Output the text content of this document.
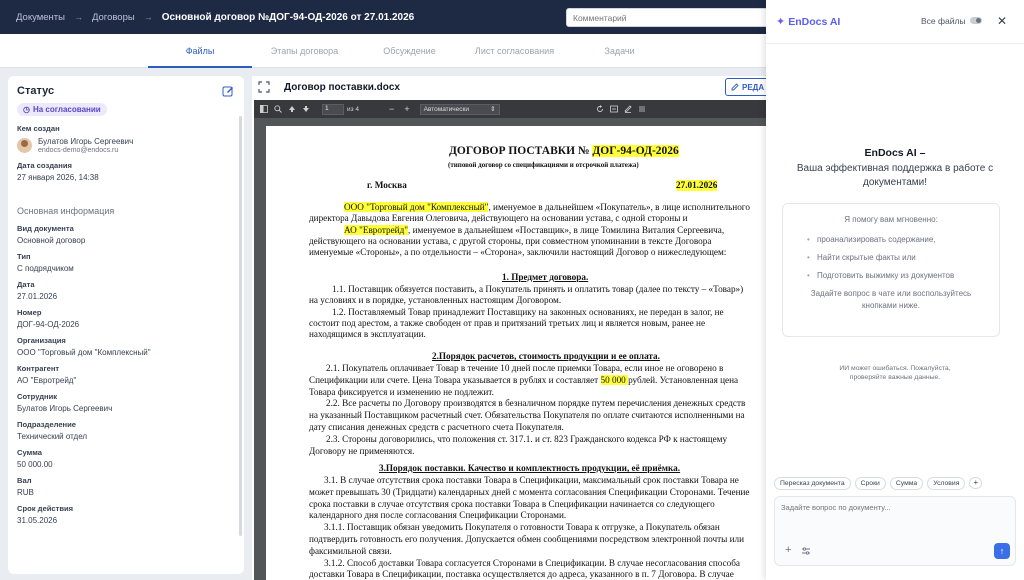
Документы → Договоры → Основной договор №ДОГ-94-ОД-2026 от 27.01.2026
Комментарий
Файлы	Этапы договора	Обсуждение	Лист согласования	Задачи
Статус
◷ На согласовании
Кем создан
Булатов Игорь Сергеевич
endocs-demo@endocs.ru
Дата создания
27 января 2026, 14:38
Основная информация
Вид документа
Основной договор
Тип
С подрядчиком
Дата
27.01.2026
Номер
ДОГ-94-ОД-2026
Организация
ООО "Торговый дом "Комплексный"
Контрагент
АО "Евротрейд"
Сотрудник
Булатов Игорь Сергеевич
Подразделение
Технический отдел
Сумма
50 000.00
Вал
RUB
Срок действия
31.05.2026
Договор поставки.docx	РЕДА
1	из 4	− +	Автоматически	⇕
ДОГОВОР ПОСТАВКИ № ДОГ-94-ОД-2026
(типовой договор со спецификациями и отсрочкой платежа)
г. Москва	27.01.2026
ООО "Торговый дом "Комплексный", именуемое в дальнейшем «Покупатель», в лице исполнительного
директора Давыдова Евгения Олеговича, действующего на основании устава, с одной стороны и
АО "Евротрейд", именуемое в дальнейшем «Поставщик», в лице Томилина Виталия Сергеевича,
действующего на основании устава, с другой стороны, при совместном упоминании в тексте Договора
именуемые «Стороны», а по отдельности – «Сторона», заключили настоящий Договор о нижеследующем:
1. Предмет договора.
1.1. Поставщик обязуется поставить, а Покупатель принять и оплатить товар (далее по тексту – «Товар»)
на условиях и в порядке, установленных настоящим Договором.
1.2. Поставляемый Товар принадлежит Поставщику на законных основаниях, не передан в залог, не
состоит под арестом, а также свободен от прав и притязаний третьих лиц и является новым, ранее не
находящимся в эксплуатации.
2.Порядок расчетов, стоимость продукции и ее оплата.
2.1. Покупатель оплачивает Товар в течение 10 дней после приемки Товара, если иное не оговорено в
Спецификации или счете. Цена Товара указывается в рублях и составляет 50 000 рублей. Установленная цена
Товара фиксируется и изменению не подлежит.
2.2. Все расчеты по Договору производятся в безналичном порядке путем перечисления денежных средств
на указанный Поставщиком расчетный счет. Обязательства Покупателя по оплате считаются исполненными на
дату списания денежных средств с расчетного счета Покупателя.
2.3. Стороны договорились, что положения ст. 317.1. и ст. 823 Гражданского кодекса РФ к настоящему
Договору не применяются.
3.Порядок поставки. Качество и комплектность продукции, её приёмка.
3.1. В случае отсутствия срока поставки Товара в Спецификации, максимальный срок поставки Товара не
может превышать 30 (Тридцати) календарных дней с момента согласования Спецификации Сторонами. Течение
срока поставки в случае отсутствия срока поставки Товара в Спецификации начинается со следующего
календарного дня после согласования Спецификации Сторонами.
3.1.1. Поставщик обязан уведомить Покупателя о готовности Товара к отгрузке, а Покупатель обязан
подтвердить готовность его получения. Допускается обмен сообщениями посредством электронной почты или
факсимильной связи.
3.1.2. Способ доставки Товара согласуется Сторонами в Спецификации. В случае несогласования способа
доставки Товара в Спецификации, поставка осуществляется до адреса, указанного в п. 7 Договора. В случае
✦ EnDocs AI	Все файлы	✕
EnDocs AI –
Ваша эффективная поддержка в работе с документами!
Я помогу вам мгновенно:
• проанализировать содержание,
• Найти скрытые факты или
• Подготовить выжимку из документов
Задайте вопрос в чате или воспользуйтесь кнопками ниже.
ИИ может ошибаться. Пожалуйста,
проверяйте важные данные.
Пересказ документа	Сроки	Сумма	Условия	+
Задайте вопрос по документу...
+	↑
